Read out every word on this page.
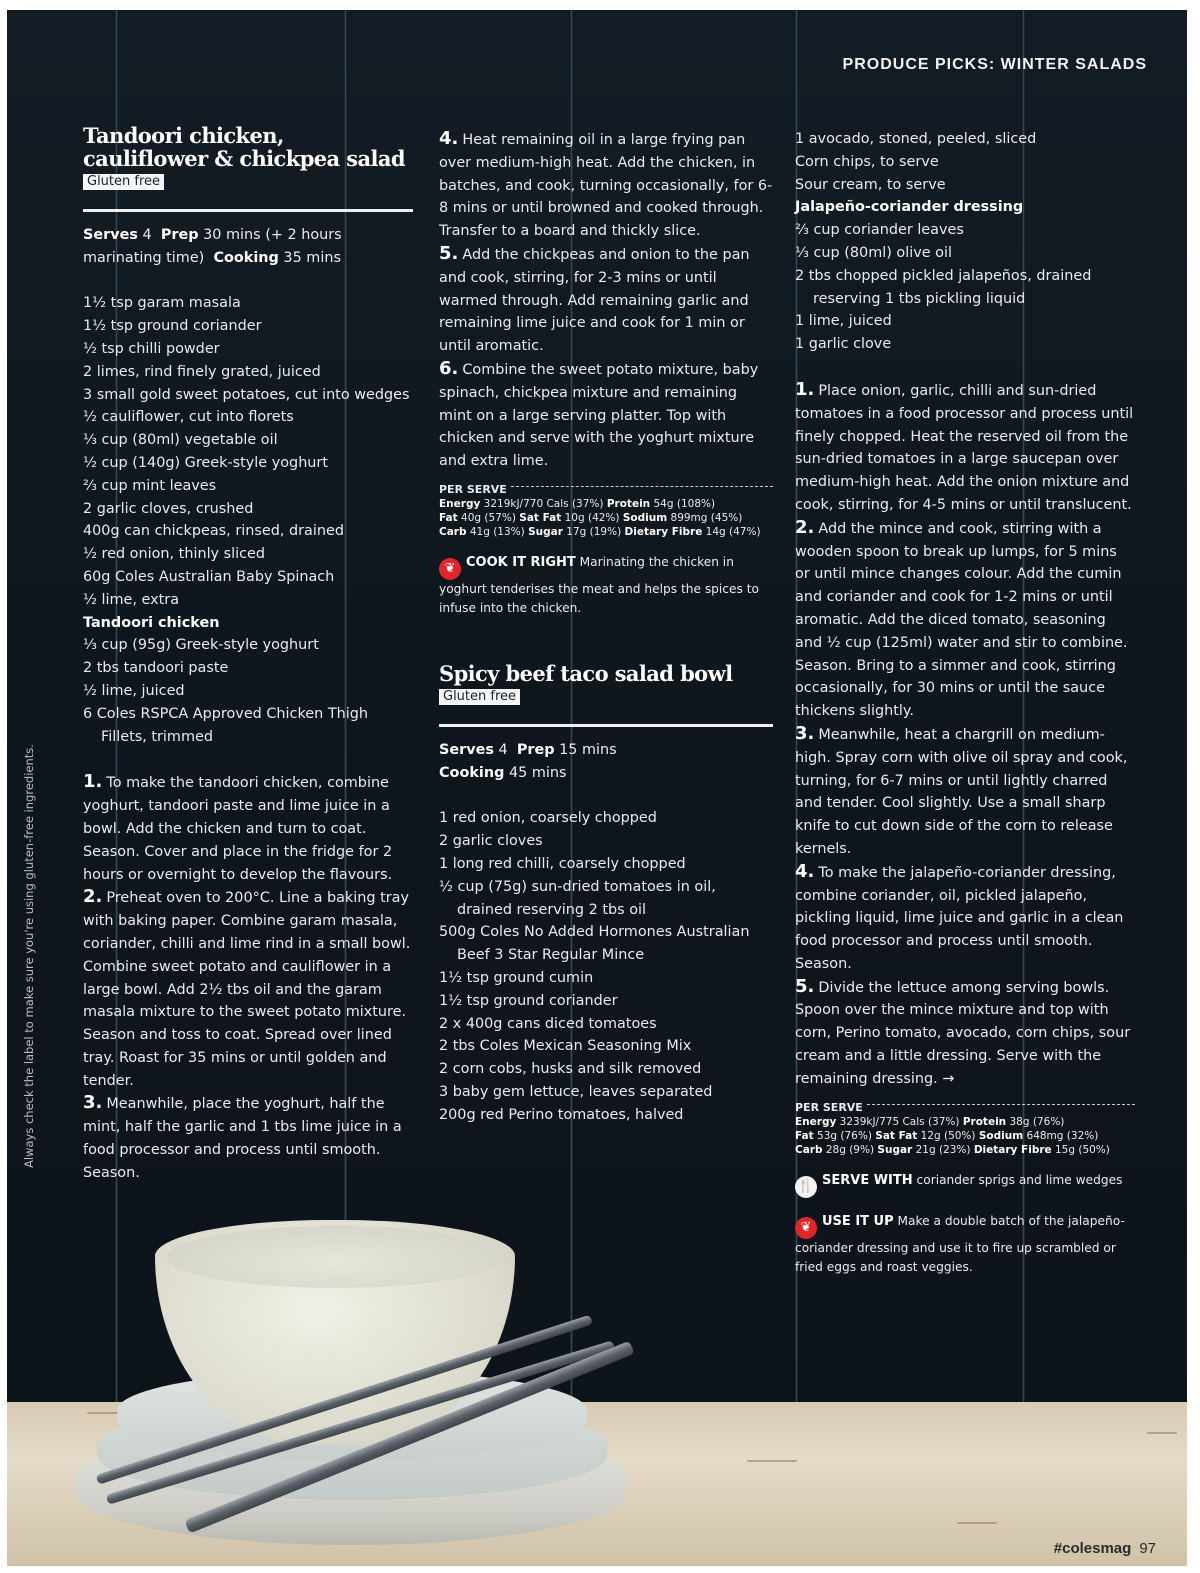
PRODUCE PICKS: WINTER SALADS
Tandoori chicken,
cauliflower & chickpea salad
Gluten free
Serves 4 Prep 30 mins (+ 2 hours marinating time) Cooking 35 mins
1½ tsp garam masala
1½ tsp ground coriander
½ tsp chilli powder
2 limes, rind finely grated, juiced
3 small gold sweet potatoes, cut into wedges
½ cauliflower, cut into florets
⅓ cup (80ml) vegetable oil
½ cup (140g) Greek-style yoghurt
⅔ cup mint leaves
2 garlic cloves, crushed
400g can chickpeas, rinsed, drained
½ red onion, thinly sliced
60g Coles Australian Baby Spinach
½ lime, extra
Tandoori chicken
⅓ cup (95g) Greek-style yoghurt
2 tbs tandoori paste
½ lime, juiced
6 Coles RSPCA Approved Chicken Thigh Fillets, trimmed
1. To make the tandoori chicken, combine yoghurt, tandoori paste and lime juice in a bowl. Add the chicken and turn to coat. Season. Cover and place in the fridge for 2 hours or overnight to develop the flavours.
2. Preheat oven to 200°C. Line a baking tray with baking paper. Combine garam masala, coriander, chilli and lime rind in a small bowl. Combine sweet potato and cauliflower in a large bowl. Add 2½ tbs oil and the garam masala mixture to the sweet potato mixture. Season and toss to coat. Spread over lined tray. Roast for 35 mins or until golden and tender.
3. Meanwhile, place the yoghurt, half the mint, half the garlic and 1 tbs lime juice in a food processor and process until smooth. Season.
4. Heat remaining oil in a large frying pan over medium-high heat. Add the chicken, in batches, and cook, turning occasionally, for 6-8 mins or until browned and cooked through. Transfer to a board and thickly slice.
5. Add the chickpeas and onion to the pan and cook, stirring, for 2-3 mins or until warmed through. Add remaining garlic and remaining lime juice and cook for 1 min or until aromatic.
6. Combine the sweet potato mixture, baby spinach, chickpea mixture and remaining mint on a large serving platter. Top with chicken and serve with the yoghurt mixture and extra lime.
PER SERVE
Energy 3219kJ/770 Cals (37%) Protein 54g (108%)
Fat 40g (57%) Sat Fat 10g (42%) Sodium 899mg (45%)
Carb 41g (13%) Sugar 17g (19%) Dietary Fibre 14g (47%)
❦ COOK IT RIGHT Marinating the chicken in yoghurt tenderises the meat and helps the spices to infuse into the chicken.
Spicy beef taco salad bowl
Gluten free
Serves 4 Prep 15 mins
Cooking 45 mins
1 red onion, coarsely chopped
2 garlic cloves
1 long red chilli, coarsely chopped
½ cup (75g) sun-dried tomatoes in oil, drained reserving 2 tbs oil
500g Coles No Added Hormones Australian Beef 3 Star Regular Mince
1½ tsp ground cumin
1½ tsp ground coriander
2 x 400g cans diced tomatoes
2 tbs Coles Mexican Seasoning Mix
2 corn cobs, husks and silk removed
3 baby gem lettuce, leaves separated
200g red Perino tomatoes, halved
1 avocado, stoned, peeled, sliced
Corn chips, to serve
Sour cream, to serve
Jalapeño-coriander dressing
⅔ cup coriander leaves
⅓ cup (80ml) olive oil
2 tbs chopped pickled jalapeños, drained reserving 1 tbs pickling liquid
1 lime, juiced
1 garlic clove
1. Place onion, garlic, chilli and sun-dried tomatoes in a food processor and process until finely chopped. Heat the reserved oil from the sun-dried tomatoes in a large saucepan over medium-high heat. Add the onion mixture and cook, stirring, for 4-5 mins or until translucent.
2. Add the mince and cook, stirring with a wooden spoon to break up lumps, for 5 mins or until mince changes colour. Add the cumin and coriander and cook for 1-2 mins or until aromatic. Add the diced tomato, seasoning and ½ cup (125ml) water and stir to combine. Season. Bring to a simmer and cook, stirring occasionally, for 30 mins or until the sauce thickens slightly.
3. Meanwhile, heat a chargrill on medium-high. Spray corn with olive oil spray and cook, turning, for 6-7 mins or until lightly charred and tender. Cool slightly. Use a small sharp knife to cut down side of the corn to release kernels.
4. To make the jalapeño-coriander dressing, combine coriander, oil, pickled jalapeño, pickling liquid, lime juice and garlic in a clean food processor and process until smooth. Season.
5. Divide the lettuce among serving bowls. Spoon over the mince mixture and top with corn, Perino tomato, avocado, corn chips, sour cream and a little dressing. Serve with the remaining dressing. →
PER SERVE
Energy 3239kJ/775 Cals (37%) Protein 38g (76%)
Fat 53g (76%) Sat Fat 12g (50%) Sodium 648mg (32%)
Carb 28g (9%) Sugar 21g (23%) Dietary Fibre 15g (50%)
🍴 SERVE WITH coriander sprigs and lime wedges
❦ USE IT UP Make a double batch of the jalapeño-coriander dressing and use it to fire up scrambled or fried eggs and roast veggies.
Always check the label to make sure you're using gluten-free ingredients.
#colesmag 97
